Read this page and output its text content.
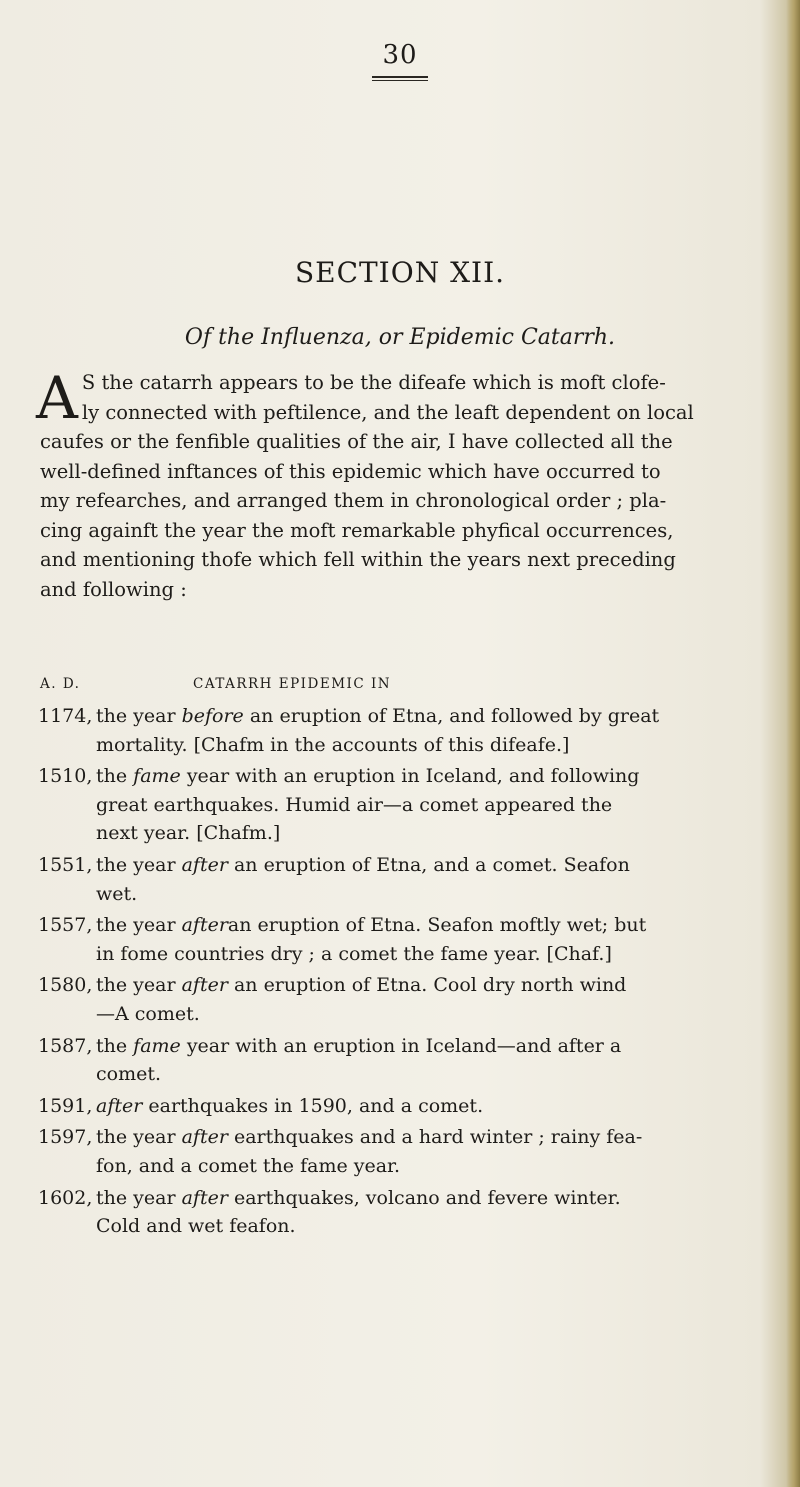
30
SECTION XII.
Of the Influenza, or Epidemic Catarrh.
A S the catarrh appears to be the difeafe which is moft clofe-
ly connected with peftilence, and the leaft dependent on local
caufes or the fenfible qualities of the air, I have collected all the
well-defined inftances of this epidemic which have occurred to
my refearches, and arranged them in chronological order ; pla-
cing againft the year the moft remarkable phyfical occurrences,
and mentioning thofe which fell within the years next preceding
and following :
A. D.	CATARRH EPIDEMIC IN
1174, the year before an eruption of Etna, and followed by great
mortality. [Chafm in the accounts of this difeafe.]
1510, the fame year with an eruption in Iceland, and following
great earthquakes. Humid air—a comet appeared the
next year. [Chafm.]
1551, the year after an eruption of Etna, and a comet. Seafon
wet.
1557, the year afteran eruption of Etna. Seafon moftly wet; but
in fome countries dry ; a comet the fame year. [Chaf.]
1580, the year after an eruption of Etna. Cool dry north wind
—A comet.
1587, the fame year with an eruption in Iceland—and after a
comet.
1591, after earthquakes in 1590, and a comet.
1597, the year after earthquakes and a hard winter ; rainy fea-
fon, and a comet the fame year.
1602, the year after earthquakes, volcano and fevere winter.
Cold and wet feafon.
